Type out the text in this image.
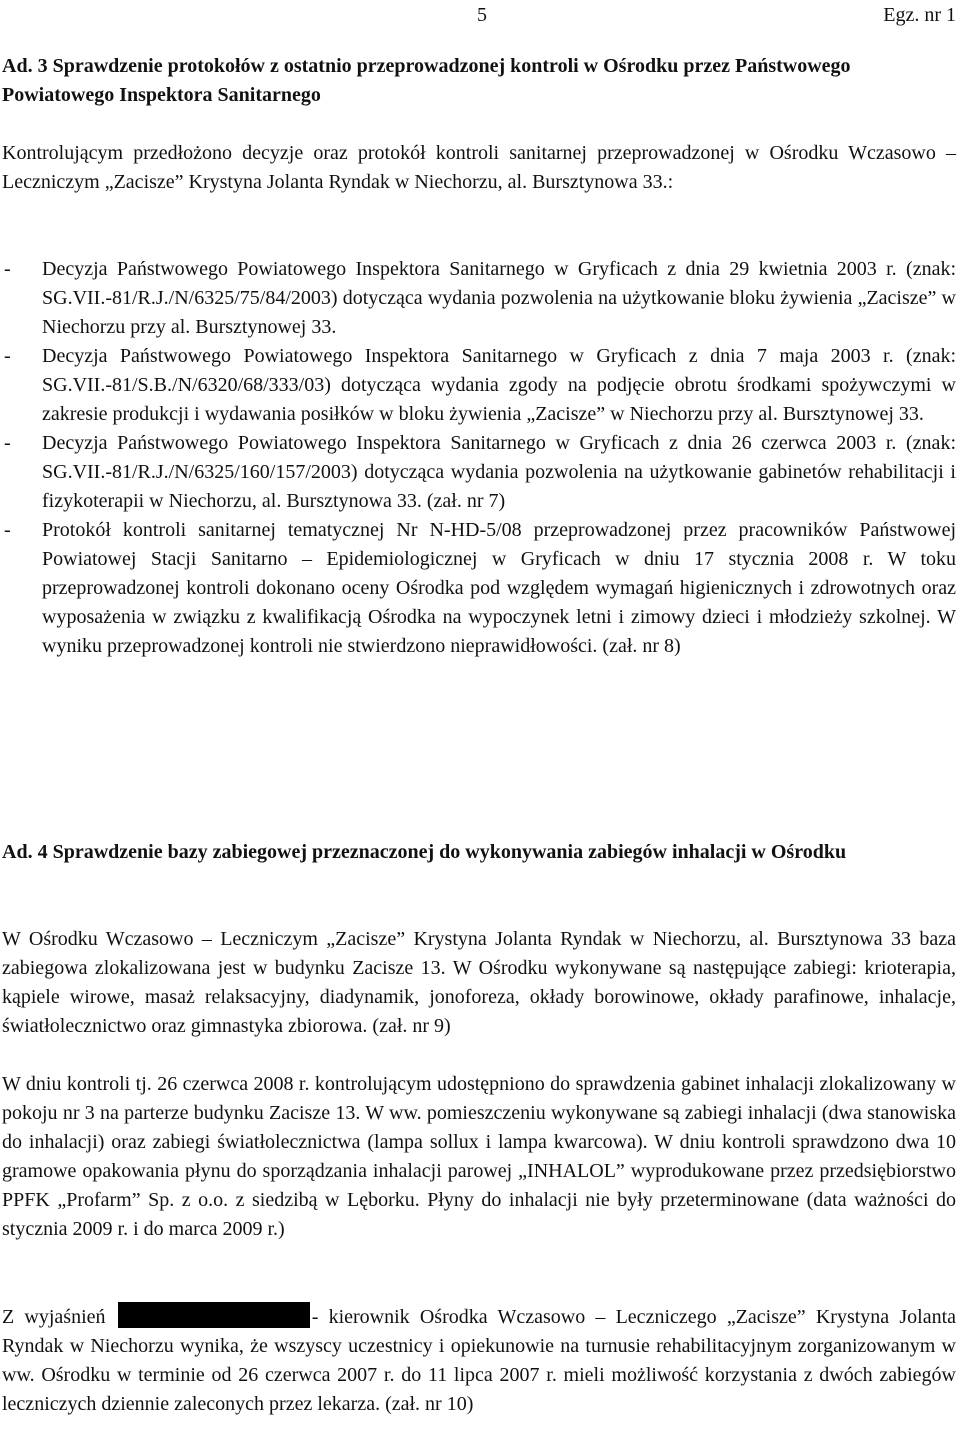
5	Egz. nr 1

Ad. 3 Sprawdzenie protokołów z ostatnio przeprowadzonej kontroli w Ośrodku przez Państwowego Powiatowego Inspektora Sanitarnego

Kontrolującym przedłożono decyzje oraz protokół kontroli sanitarnej przeprowadzonej w Ośrodku Wczasowo – Leczniczym „Zacisze” Krystyna Jolanta Ryndak w Niechorzu, al. Bursztynowa 33.:

- Decyzja Państwowego Powiatowego Inspektora Sanitarnego w Gryficach z dnia 29 kwietnia 2003 r. (znak: SG.VII.-81/R.J./N/6325/75/84/2003) dotycząca wydania pozwolenia na użytkowanie bloku żywienia „Zacisze” w Niechorzu przy al. Bursztynowej 33.
- Decyzja Państwowego Powiatowego Inspektora Sanitarnego w Gryficach z dnia 7 maja 2003 r. (znak: SG.VII.-81/S.B./N/6320/68/333/03) dotycząca wydania zgody na podjęcie obrotu środkami spożywczymi w zakresie produkcji i wydawania posiłków w bloku żywienia „Zacisze” w Niechorzu przy al. Bursztynowej 33.
- Decyzja Państwowego Powiatowego Inspektora Sanitarnego w Gryficach z dnia 26 czerwca 2003 r. (znak: SG.VII.-81/R.J./N/6325/160/157/2003) dotycząca wydania pozwolenia na użytkowanie gabinetów rehabilitacji i fizykoterapii w Niechorzu, al. Bursztynowa 33. (zał. nr 7)
- Protokół kontroli sanitarnej tematycznej Nr N-HD-5/08 przeprowadzonej przez pracowników Państwowej Powiatowej Stacji Sanitarno – Epidemiologicznej w Gryficach w dniu 17 stycznia 2008 r. W toku przeprowadzonej kontroli dokonano oceny Ośrodka pod względem wymagań higienicznych i zdrowotnych oraz wyposażenia w związku z kwalifikacją Ośrodka na wypoczynek letni i zimowy dzieci i młodzieży szkolnej. W wyniku przeprowadzonej kontroli nie stwierdzono nieprawidłowości. (zał. nr 8)

Ad. 4 Sprawdzenie bazy zabiegowej przeznaczonej do wykonywania zabiegów inhalacji w Ośrodku

W Ośrodku Wczasowo – Leczniczym „Zacisze” Krystyna Jolanta Ryndak w Niechorzu, al. Bursztynowa 33 baza zabiegowa zlokalizowana jest w budynku Zacisze 13. W Ośrodku wykonywane są następujące zabiegi: krioterapia, kąpiele wirowe, masaż relaksacyjny, diadynamik, jonoforeza, okłady borowinowe, okłady parafinowe, inhalacje, światłolecznictwo oraz gimnastyka zbiorowa. (zał. nr 9)

W dniu kontroli tj. 26 czerwca 2008 r. kontrolującym udostępniono do sprawdzenia gabinet inhalacji zlokalizowany w pokoju nr 3 na parterze budynku Zacisze 13. W ww. pomieszczeniu wykonywane są zabiegi inhalacji (dwa stanowiska do inhalacji) oraz zabiegi światłolecznictwa (lampa sollux i lampa kwarcowa). W dniu kontroli sprawdzono dwa 10 gramowe opakowania płynu do sporządzania inhalacji parowej „INHALOL” wyprodukowane przez przedsiębiorstwo PPFK „Profarm” Sp. z o.o. z siedzibą w Lęborku. Płyny do inhalacji nie były przeterminowane (data ważności do stycznia 2009 r. i do marca 2009 r.)

Z wyjaśnień	- kierownik Ośrodka Wczasowo – Leczniczego „Zacisze” Krystyna Jolanta Ryndak w Niechorzu wynika, że wszyscy uczestnicy i opiekunowie na turnusie rehabilitacyjnym zorganizowanym w ww. Ośrodku w terminie od 26 czerwca 2007 r. do 11 lipca 2007 r. mieli możliwość korzystania z dwóch zabiegów leczniczych dziennie zaleconych przez lekarza. (zał. nr 10)
